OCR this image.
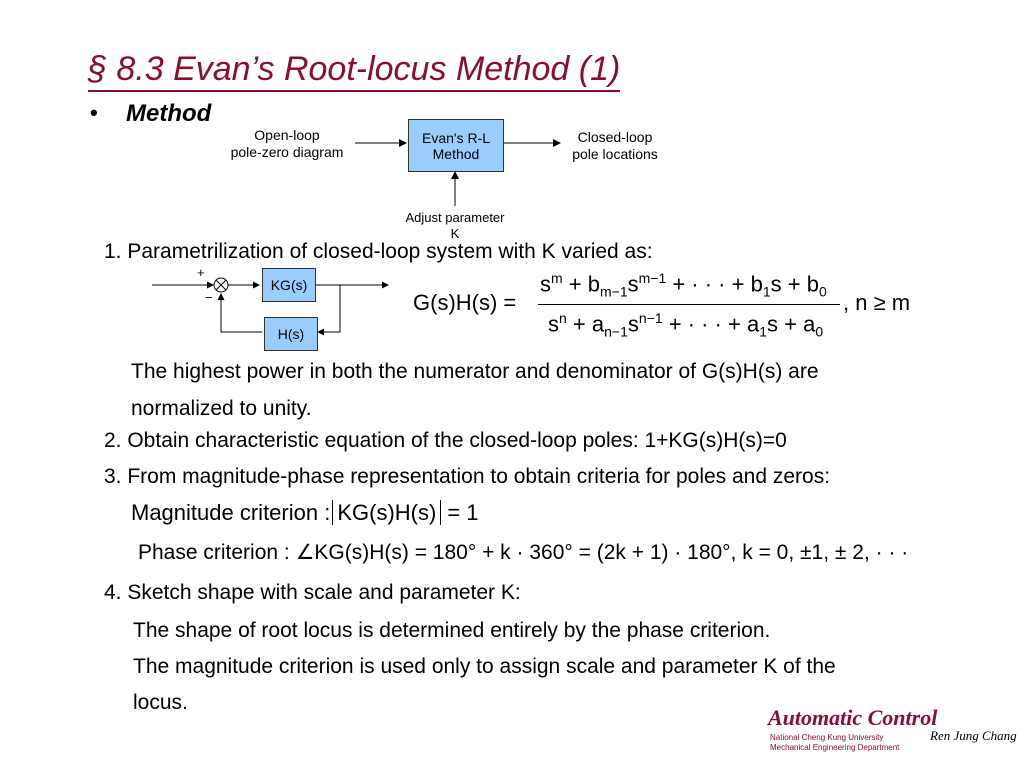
§ 8.3 Evan’s Root-locus Method (1)
• Method
Open-loop
pole-zero diagram
Evan's R-L
Method
Closed-loop
pole locations
Adjust parameter
K
1. Parametrilization of closed-loop system with K varied as:
+
−
KG(s)
H(s)
G(s)H(s) =
$s^m + b_{m-1}s^{m-1}$ + · · · + $b_1s + b_0$
$s^n + a_{n-1}s^{n-1}$ + · · · + $a_1s + a_0$
, n ≥ m
The highest power in both the numerator and denominator of G(s)H(s) are
normalized to unity.
2. Obtain characteristic equation of the closed-loop poles: 1+KG(s)H(s)=0
3. From magnitude-phase representation to obtain criteria for poles and zeros:
Magnitude criterion : KG(s)H(s) = 1
Phase criterion : ∠KG(s)H(s) = 180° + k · 360° = (2k + 1) · 180°, k = 0, ±1, ± 2, · · ·
4. Sketch shape with scale and parameter K:
The shape of root locus is determined entirely by the phase criterion.
The magnitude criterion is used only to assign scale and parameter K of the
locus.
Automatic Control
National Cheng Kung University
Mechanical Engineering Department
Ren Jung Chang
